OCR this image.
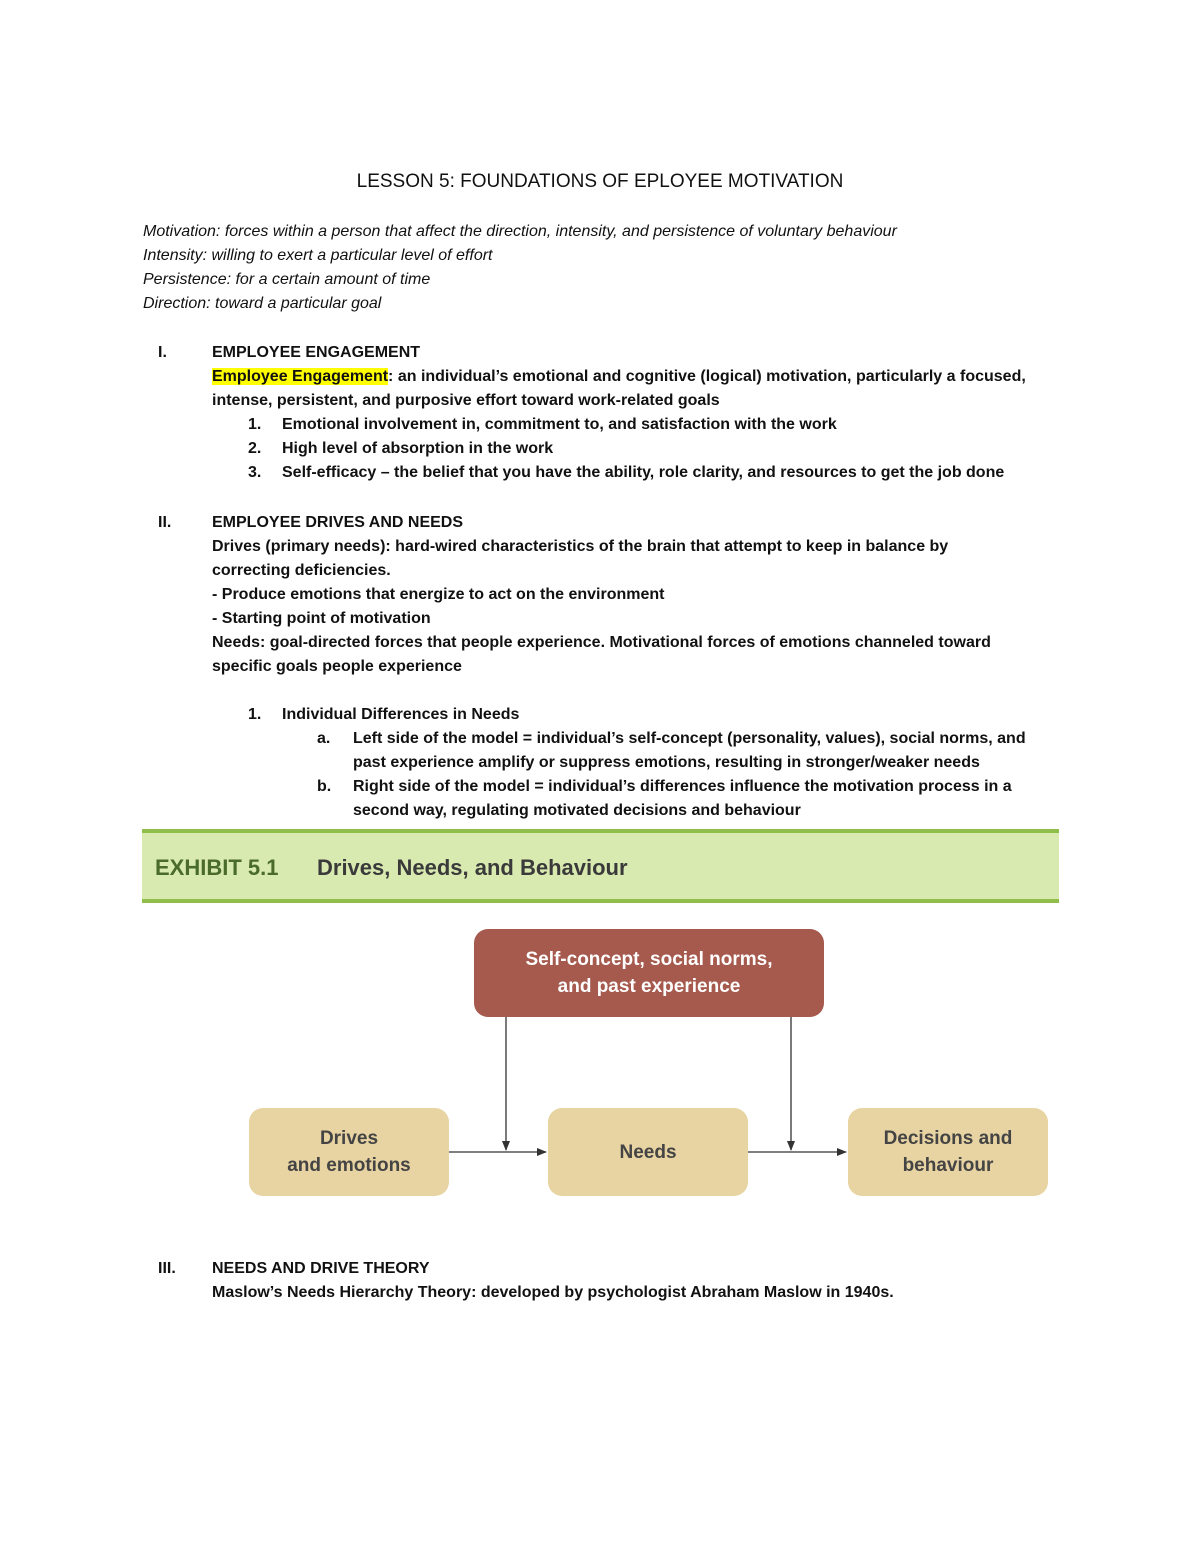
LESSON 5: FOUNDATIONS OF EPLOYEE MOTIVATION
Motivation: forces within a person that affect the direction, intensity, and persistence of voluntary behaviour
Intensity: willing to exert a particular level of effort
Persistence: for a certain amount of time
Direction: toward a particular goal
I.	EMPLOYEE ENGAGEMENT
Employee Engagement: an individual’s emotional and cognitive (logical) motivation, particularly a focused,
intense, persistent, and purposive effort toward work-related goals
1. Emotional involvement in, commitment to, and satisfaction with the work
2. High level of absorption in the work
3. Self-efficacy – the belief that you have the ability, role clarity, and resources to get the job done
II.	EMPLOYEE DRIVES AND NEEDS
Drives (primary needs): hard-wired characteristics of the brain that attempt to keep in balance by
correcting deficiencies.
- Produce emotions that energize to act on the environment
- Starting point of motivation
Needs: goal-directed forces that people experience. Motivational forces of emotions channeled toward
specific goals people experience
1. Individual Differences in Needs
a. Left side of the model = individual’s self-concept (personality, values), social norms, and
past experience amplify or suppress emotions, resulting in stronger/weaker needs
b. Right side of the model = individual’s differences influence the motivation process in a
second way, regulating motivated decisions and behaviour
EXHIBIT 5.1 Drives, Needs, and Behaviour
Self-concept, social norms,
and past experience
Drives
and emotions
Needs
Decisions and
behaviour
III. NEEDS AND DRIVE THEORY
Maslow’s Needs Hierarchy Theory: developed by psychologist Abraham Maslow in 1940s.
